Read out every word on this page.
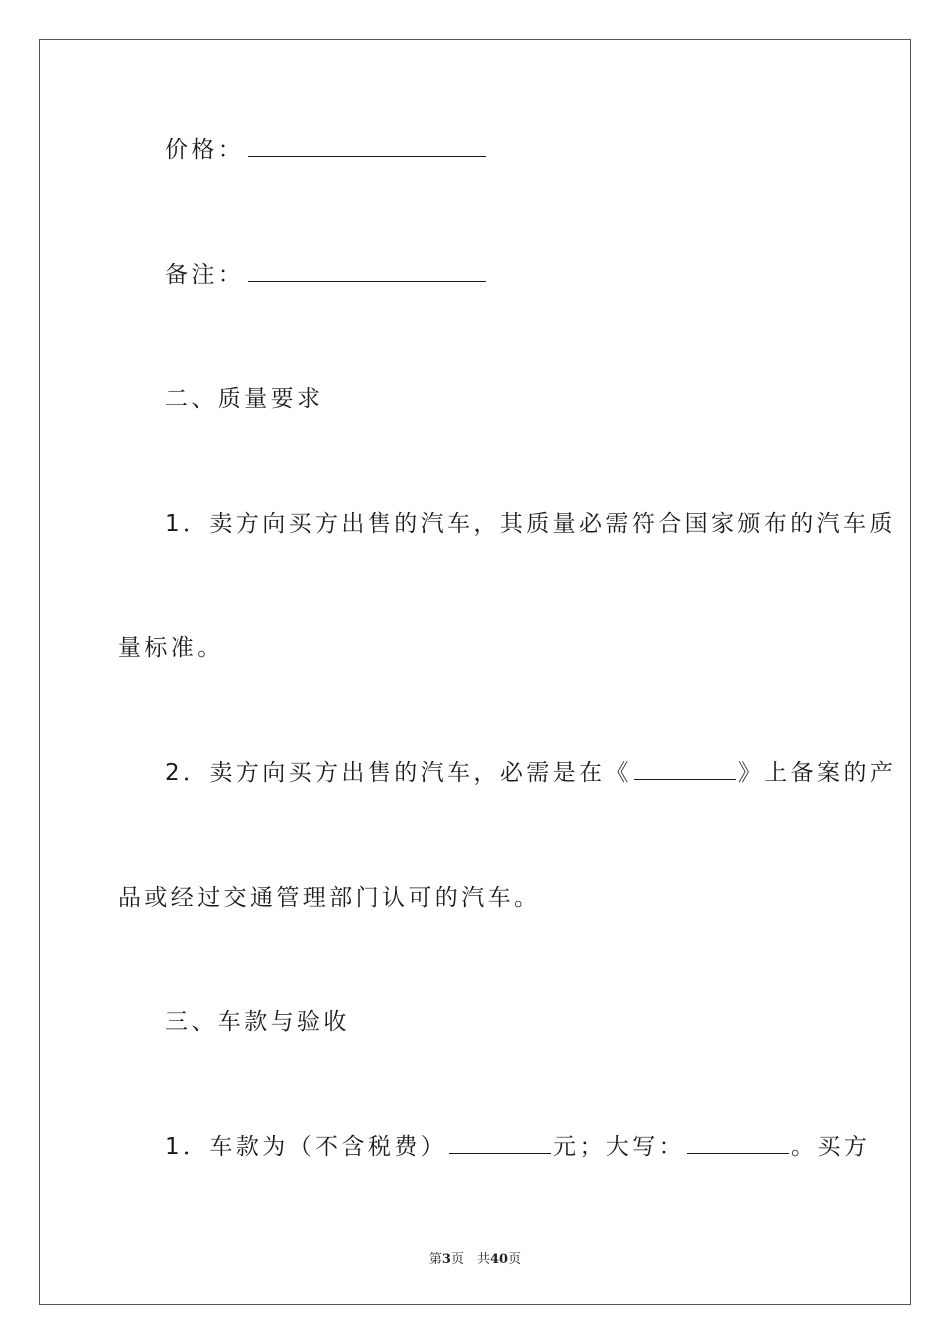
价格：
备注：
二、质量要求
1．卖方向买方出售的汽车，其质量必需符合国家颁布的汽车质
量标准。
2．卖方向买方出售的汽车，必需是在《	》上备案的产
品或经过交通管理部门认可的汽车。
三、车款与验收
1．车款为（不含税费）	元；大写：	。买方
第3页　共40页
